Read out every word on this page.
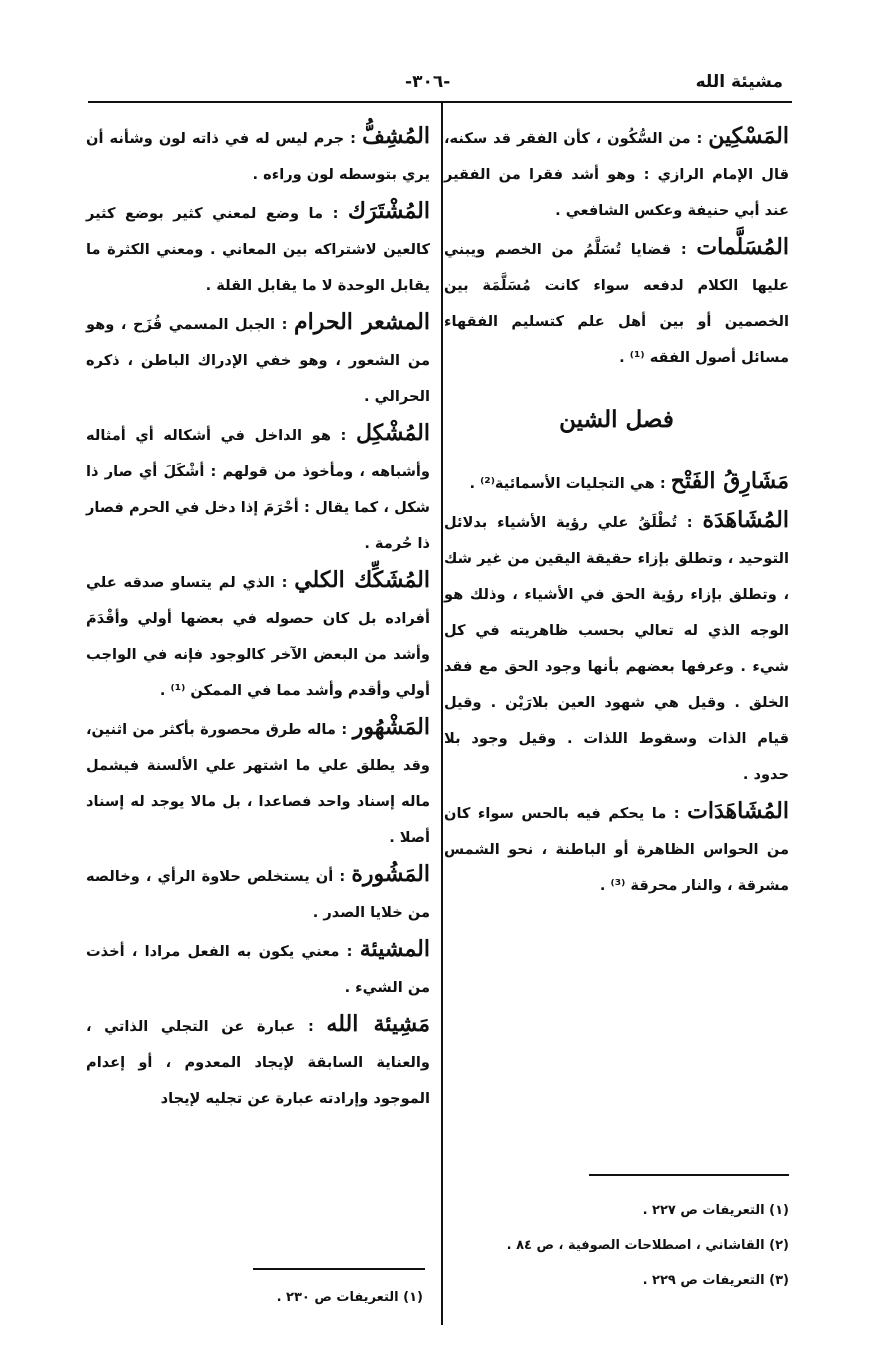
مشيئة الله
-٣٠٦-

المَسْكِين : من السُّكُون ، كأن الفقر قد سكنه، قال الإمام الرازي : وهو أشد فقرا من الفقير عند أبي حنيفة وعكس الشافعي .

المُسَلَّمات : قضايا تُسَلَّمُ من الخصم ويبني عليها الكلام لدفعه سواء كانت مُسَلَّمَة بين الخصمين أو بين أهل علم كتسليم الفقهاء مسائل أصول الفقه ⁽¹⁾ .

فصل الشين

مَشَارِقُ الفَتْح : هي التجليات الأسمائية⁽²⁾ .

المُشَاهَدَة : تُطْلَقُ علي رؤية الأشياء بدلائل التوحيد ، وتطلق بإزاء حقيقة اليقين من غير شك ، وتطلق بإزاء رؤية الحق في الأشياء ، وذلك هو الوجه الذي له تعالي بحسب ظاهريته في كل شيء . وعرفها بعضهم بأنها وجود الحق مع فقد الخلق . وقيل هي شهود العين بلارَيْن . وقيل قيام الذات وسقوط اللذات . وقيل وجود بلا حدود .

المُشَاهَدَات : ما يحكم فيه بالحس سواء كان من الحواس الظاهرة أو الباطنة ، نحو الشمس مشرقة ، والنار محرقة ⁽³⁾ .

المُشِفُّ : جرم ليس له في ذاته لون وشأنه أن يري بتوسطه لون وراءه .

المُشْتَرَك : ما وضع لمعني كثير بوضع كثير كالعين لاشتراكه بين المعاني . ومعني الكثرة ما يقابل الوحدة لا ما يقابل القلة .

المشعر الحرام : الجبل المسمي قُزَح ، وهو من الشعور ، وهو خفي الإدراك الباطن ، ذكره الحرالي .

المُشْكِل : هو الداخل في أشكاله أي أمثاله وأشباهه ، ومأخوذ من قولهم : أشْكَلَ أي صار ذا شكل ، كما يقال : أحْرَمَ إذا دخل في الحرم فصار ذا حُرمة .

المُشَكِّك الكلي : الذي لم يتساو صدقه علي أفراده بل كان حصوله في بعضها أولي وأقْدَمَ وأشد من البعض الآخر كالوجود فإنه في الواجب أولي وأقدم وأشد مما في الممكن ⁽¹⁾ .

المَشْهُور : ماله طرق محصورة بأكثر من اثنين، وقد يطلق علي ما اشتهر علي الألسنة فيشمل ماله إسناد واحد فصاعدا ، بل مالا يوجد له إسناد أصلا .

المَشُورة : أن يستخلص حلاوة الرأي ، وخالصه من خلايا الصدر .

المشيئة : معني يكون به الفعل مرادا ، أخذت من الشيء .

مَشِيئة الله : عبارة عن التجلي الذاتي ، والعناية السابقة لإيجاد المعدوم ، أو إعدام الموجود وإرادته عبارة عن تجليه لإيجاد

(١) التعريفات ص ٢٢٧ .

(٢) القاشاني ، اصطلاحات الصوفية ، ص ٨٤ .

(٣) التعريفات ص ٢٢٩ .

(١) التعريفات ص ٢٣٠ .
